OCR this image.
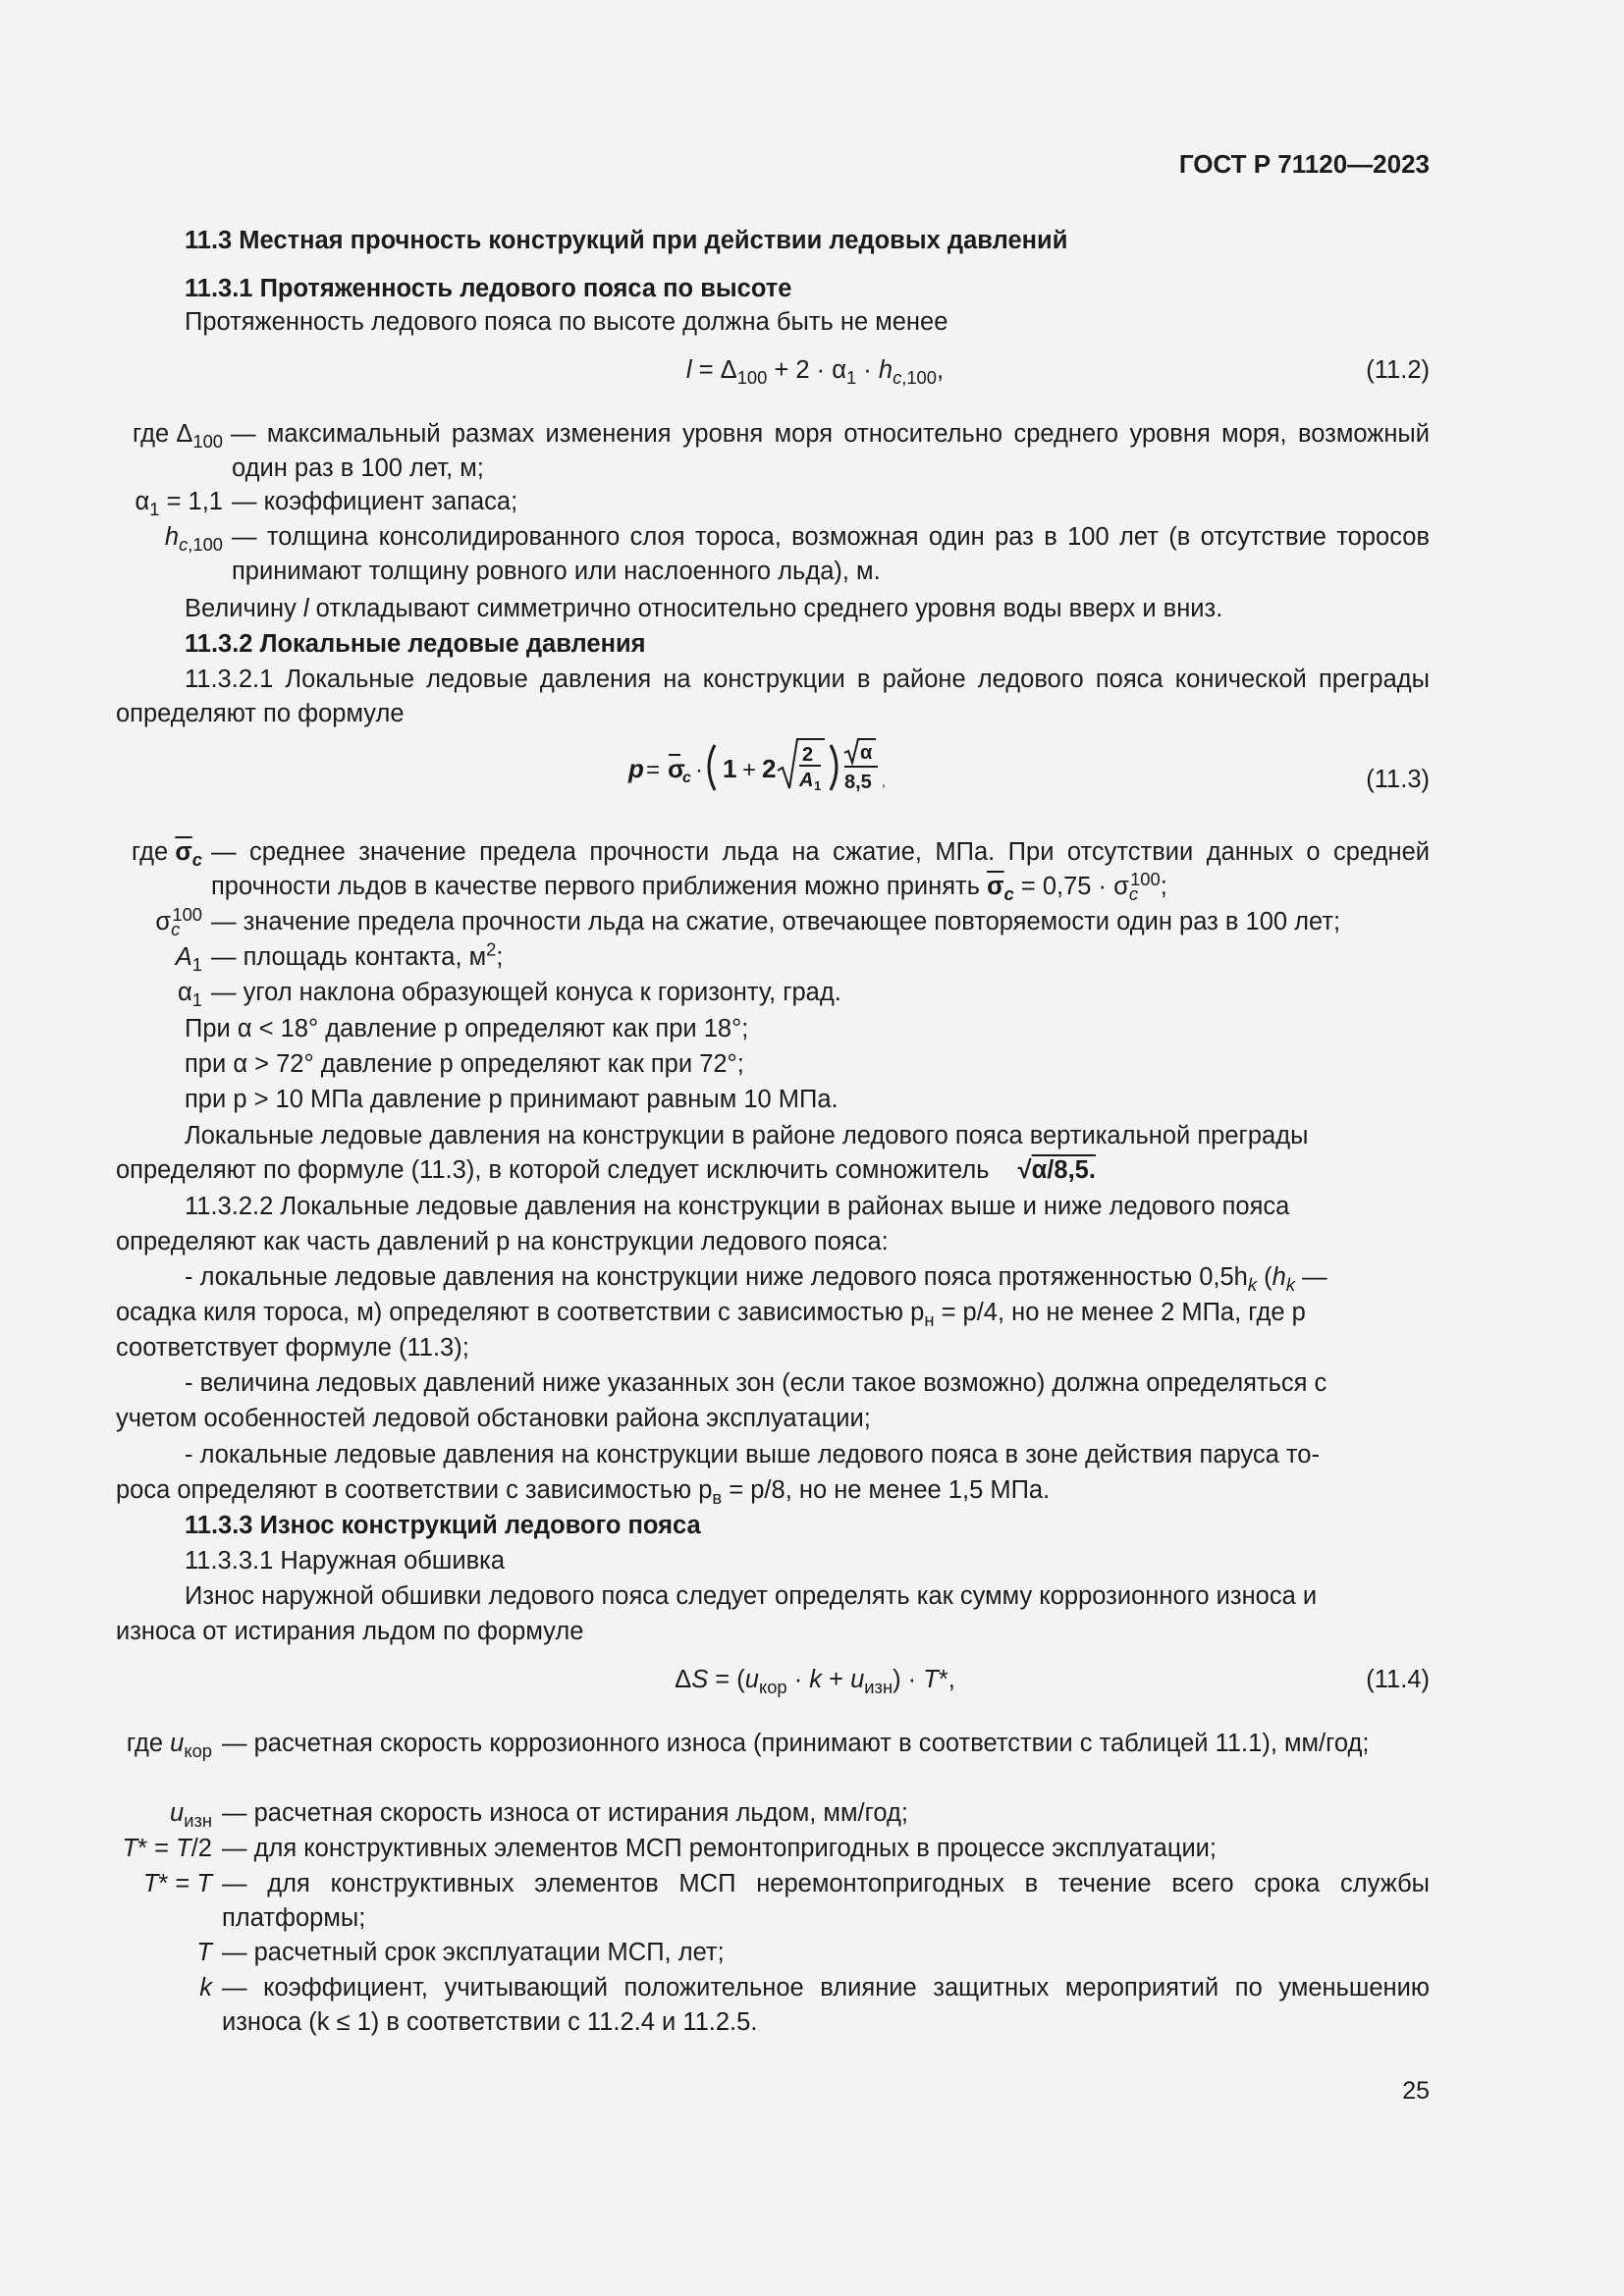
ГОСТ Р 71120—2023
11.3 Местная прочность конструкций при действии ледовых давлений
11.3.1 Протяженность ледового пояса по высоте
Протяженность ледового пояса по высоте должна быть не менее
$l = \Delta_{100} + 2 \cdot \alpha_1 \cdot h_{c,100}$,	(11.2)
где $\Delta_{100}$ — максимальный размах изменения уровня моря относительно среднего уровня моря, возможный один раз в 100 лет, м;
$\alpha_1 = 1,1$ — коэффициент запаса;
$h_{c,100}$ — толщина консолидированного слоя тороса, возможная один раз в 100 лет (в отсутствие торосов принимают толщину ровного или наслоенного льда), м.
Величину l откладывают симметрично относительно среднего уровня воды вверх и вниз.
11.3.2 Локальные ледовые давления
11.3.2.1 Локальные ледовые давления на конструкции в районе ледового пояса конической преграды определяют по формуле
p = σ
c · 1 + 2 2
A 1
α
8,5 ,	(11.3)
где $\overline{\sigma}_c$ — среднее значение предела прочности льда на сжатие, МПа. При отсутствии данных о средней прочности льдов в качестве первого приближения можно принять $\overline{\sigma}_c = 0,75 \cdot \sigma_c^{100}$;
$\sigma_c^{100}$ — значение предела прочности льда на сжатие, отвечающее повторяемости один раз в 100 лет;
$A_1$ — площадь контакта, $м^2$;
$\alpha_1$ — угол наклона образующей конуса к горизонту, град.
При α < 18° давление p определяют как при 18°;
при α > 72° давление p определяют как при 72°;
при p > 10 МПа давление p принимают равным 10 МПа.
Локальные ледовые давления на конструкции в районе ледового пояса вертикальной преграды
определяют по формуле (11.3), в которой следует исключить сомножитель √α/8,5.
11.3.2.2 Локальные ледовые давления на конструкции в районах выше и ниже ледового пояса
определяют как часть давлений p на конструкции ледового пояса:
- локальные ледовые давления на конструкции ниже ледового пояса протяженностью $0,5h_k$ ($h_k$ —
осадка киля тороса, м) определяют в соответствии с зависимостью $p_н = p/4$, но не менее 2 МПа, где p
соответствует формуле (11.3);
- величина ледовых давлений ниже указанных зон (если такое возможно) должна определяться с
учетом особенностей ледовой обстановки района эксплуатации;
- локальные ледовые давления на конструкции выше ледового пояса в зоне действия паруса то-
роса определяют в соответствии с зависимостью $p_в = p/8$, но не менее 1,5 МПа.
11.3.3 Износ конструкций ледового пояса
11.3.3.1 Наружная обшивка
Износ наружной обшивки ледового пояса следует определять как сумму коррозионного износа и
износа от истирания льдом по формуле
$\Delta S = (u_{кор} \cdot k + u_{изн}) \cdot T*$,	(11.4)
где $u_{кор}$ — расчетная скорость коррозионного износа (принимают в соответствии с таблицей 11.1), мм/год;
$u_{изн}$ — расчетная скорость износа от истирания льдом, мм/год;
T* = T/2 — для конструктивных элементов МСП ремонтопригодных в процессе эксплуатации;
T* = T — для конструктивных элементов МСП неремонтопригодных в течение всего срока службы платформы;
T — расчетный срок эксплуатации МСП, лет;
k — коэффициент, учитывающий положительное влияние защитных мероприятий по уменьшению износа (k ≤ 1) в соответствии с 11.2.4 и 11.2.5.
25
